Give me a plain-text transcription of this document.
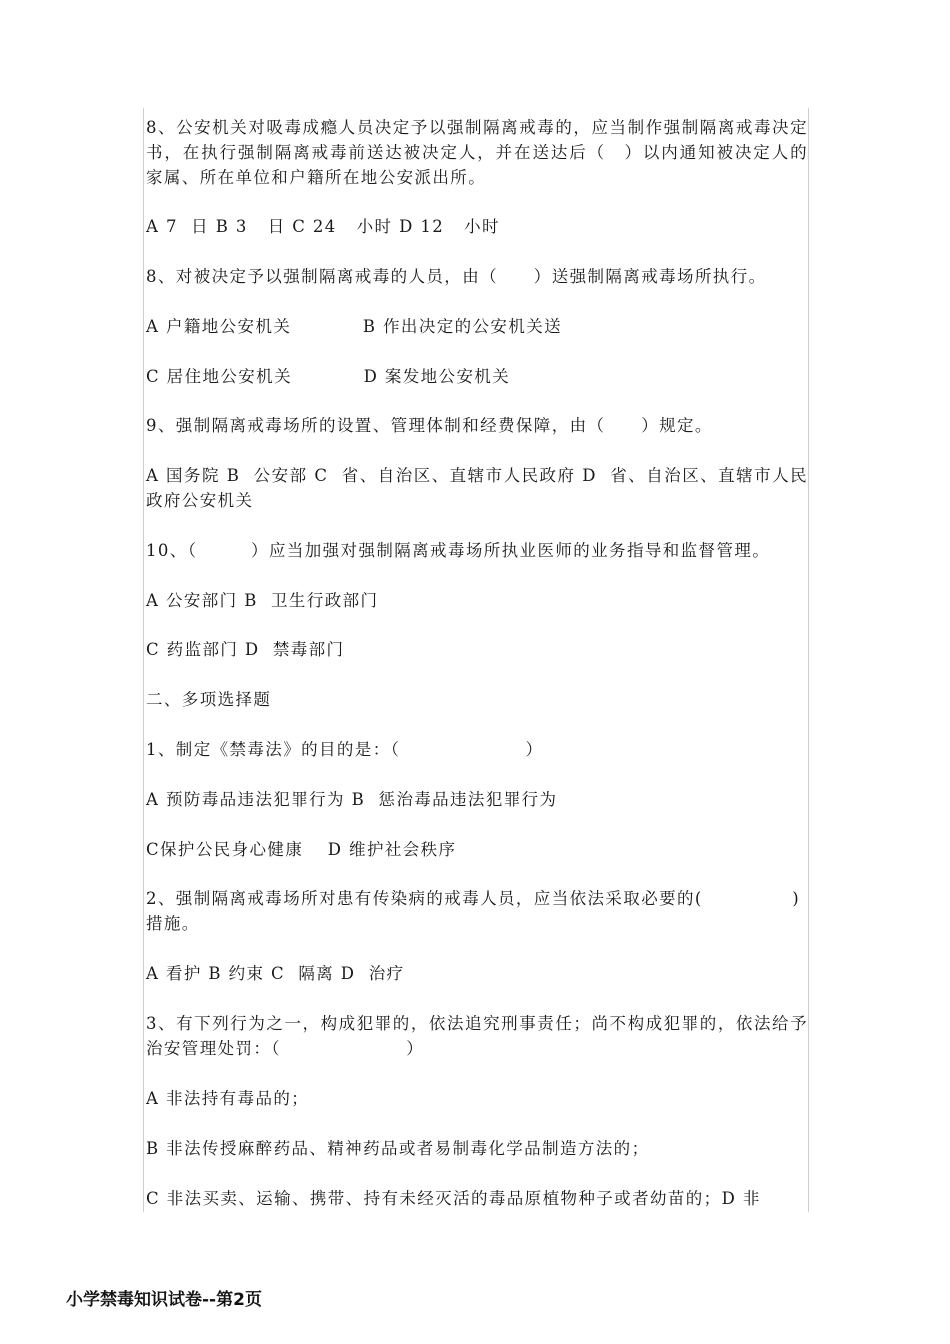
8、公安机关对吸毒成瘾人员决定予以强制隔离戒毒的，应当制作强制隔离戒毒决定书，在执行强制隔离戒毒前送达被决定人，并在送达后（　）以内通知被决定人的家属、所在单位和户籍所在地公安派出所。
A 7  日 B 3   日 C 24   小时 D 12   小时
8、对被决定予以强制隔离戒毒的人员，由（　　）送强制隔离戒毒场所执行。
A 户籍地公安机关　　　　B 作出决定的公安机关送
C 居住地公安机关　　　　D 案发地公安机关
9、强制隔离戒毒场所的设置、管理体制和经费保障，由（　　）规定。
A 国务院 B  公安部 C  省、自治区、直辖市人民政府 D  省、自治区、直辖市人民政府公安机关
10、（　　　）应当加强对强制隔离戒毒场所执业医师的业务指导和监督管理。
A 公安部门 B  卫生行政部门
C 药监部门 D  禁毒部门
二、多项选择题
1、制定《禁毒法》的目的是：（　　　　　　　）
A 预防毒品违法犯罪行为 B  惩治毒品违法犯罪行为
C保护公民身心健康　 D 维护社会秩序
2、强制隔离戒毒场所对患有传染病的戒毒人员，应当依法采取必要的(　　　　　)措施。
A 看护 B 约束 C  隔离 D  治疗
3、有下列行为之一，构成犯罪的，依法追究刑事责任；尚不构成犯罪的，依法给予治安管理处罚：（　　　　　　　）
A 非法持有毒品的；
B 非法传授麻醉药品、精神药品或者易制毒化学品制造方法的；
C 非法买卖、运输、携带、持有未经灭活的毒品原植物种子或者幼苗的；D 非
小学禁毒知识试卷--第2页
